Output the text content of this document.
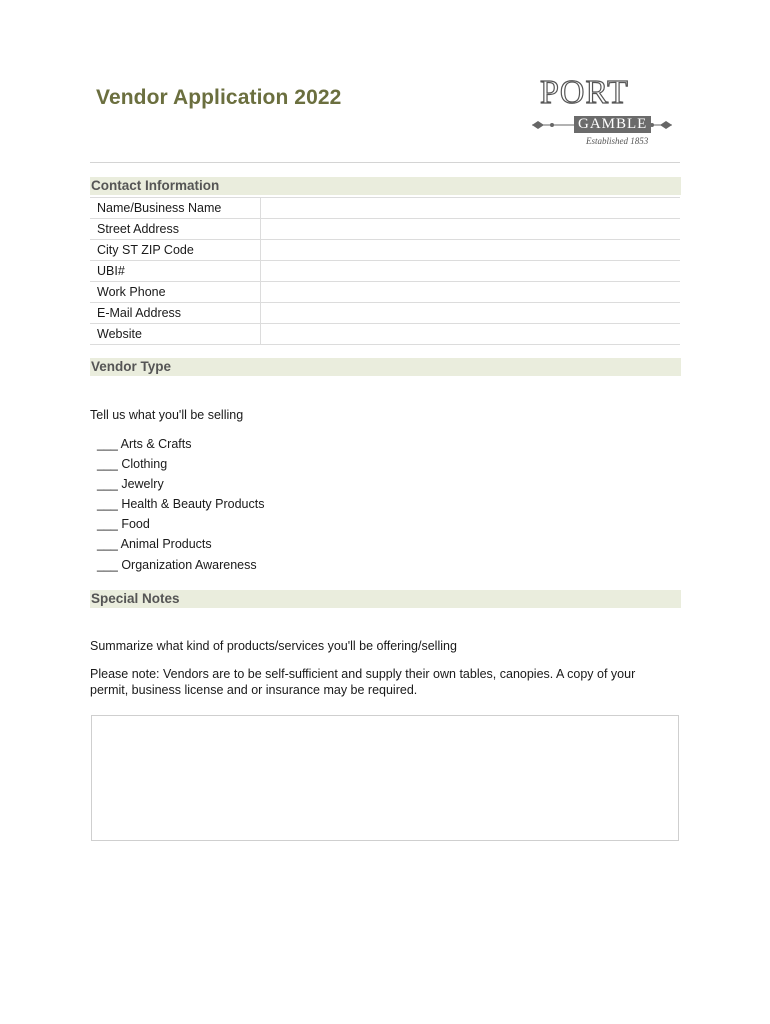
Vendor Application 2022	PORT
GAMBLE
Established 1853
Contact Information
Name/Business Name	
Street Address	
City ST ZIP Code	
UBI#	
Work Phone	
E-Mail Address	
Website	
Vendor Type

Tell us what you'll be selling

___ Arts & Crafts
___ Clothing
___ Jewelry
___ Health & Beauty Products
___ Food
___ Animal Products
___ Organization Awareness
Special Notes

Summarize what kind of products/services you'll be offering/selling

Please note: Vendors are to be self-sufficient and supply their own tables, canopies. A copy of your permit, business license and or insurance may be required.
